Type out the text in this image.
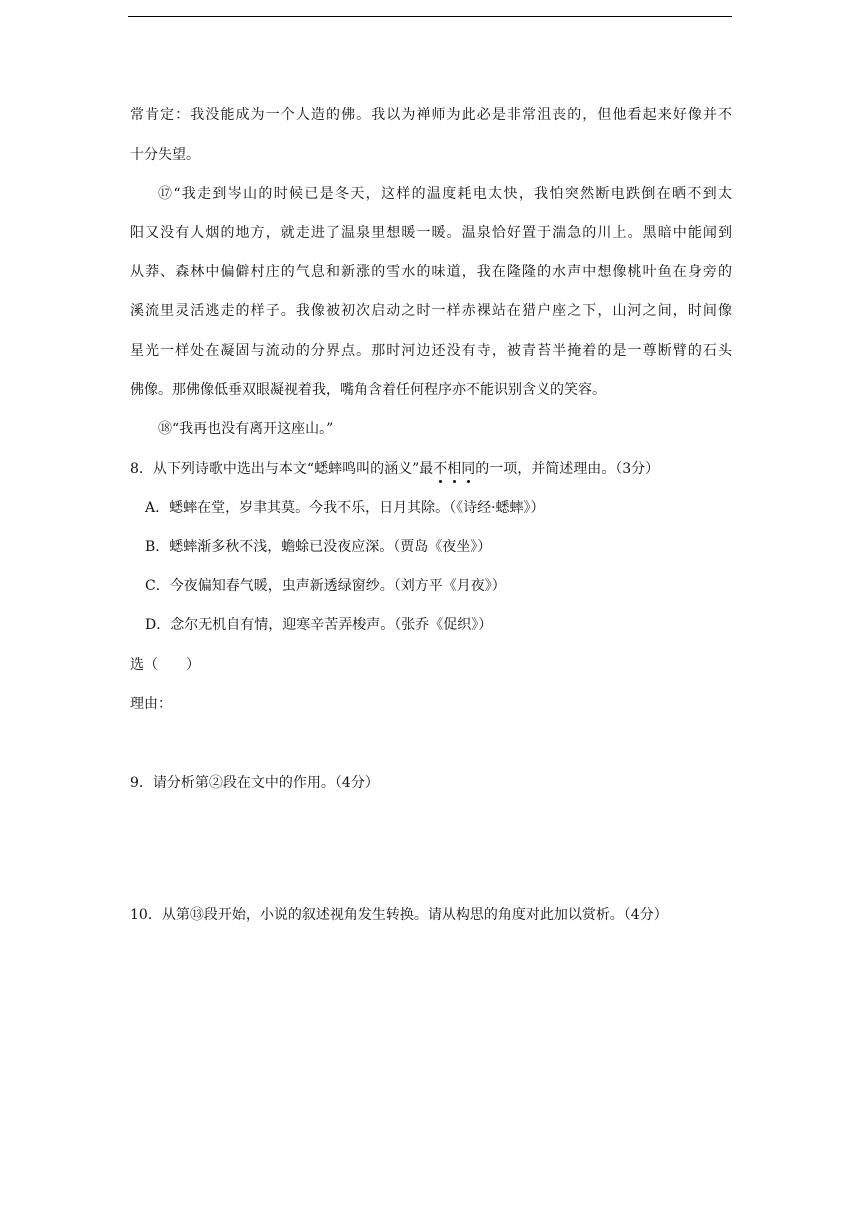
常肯定：我没能成为一个人造的佛。我以为禅师为此必是非常沮丧的，但他看起来好像并不
十分失望。
⑰“我走到岑山的时候已是冬天，这样的温度耗电太快，我怕突然断电跌倒在晒不到太
阳又没有人烟的地方，就走进了温泉里想暖一暖。温泉恰好置于湍急的川上。黑暗中能闻到
从莽、森林中偏僻村庄的气息和新涨的雪水的味道，我在隆隆的水声中想像桃叶鱼在身旁的
溪流里灵活逃走的样子。我像被初次启动之时一样赤裸站在猎户座之下，山河之间，时间像
星光一样处在凝固与流动的分界点。那时河边还没有寺，被青苔半掩着的是一尊断臂的石头
佛像。那佛像低垂双眼凝视着我，嘴角含着任何程序亦不能识别含义的笑容。
⑱“我再也没有离开这座山。”
8．从下列诗歌中选出与本文“蟋蟀鸣叫的涵义”最不相同的一项，并简述理由。（3分）
A．蟋蟀在堂，岁聿其莫。今我不乐，日月其除。（《诗经·蟋蟀》）
B．蟋蟀渐多秋不浅，蟾蜍已没夜应深。（贾岛《夜坐》）
C．今夜偏知春气暖，虫声新透绿窗纱。（刘方平《月夜》）
D．念尔无机自有情，迎寒辛苦弄梭声。（张乔《促织》）
选（　　）
理由：
9．请分析第②段在文中的作用。（4分）
10．从第⑬段开始，小说的叙述视角发生转换。请从构思的角度对此加以赏析。（4分）
